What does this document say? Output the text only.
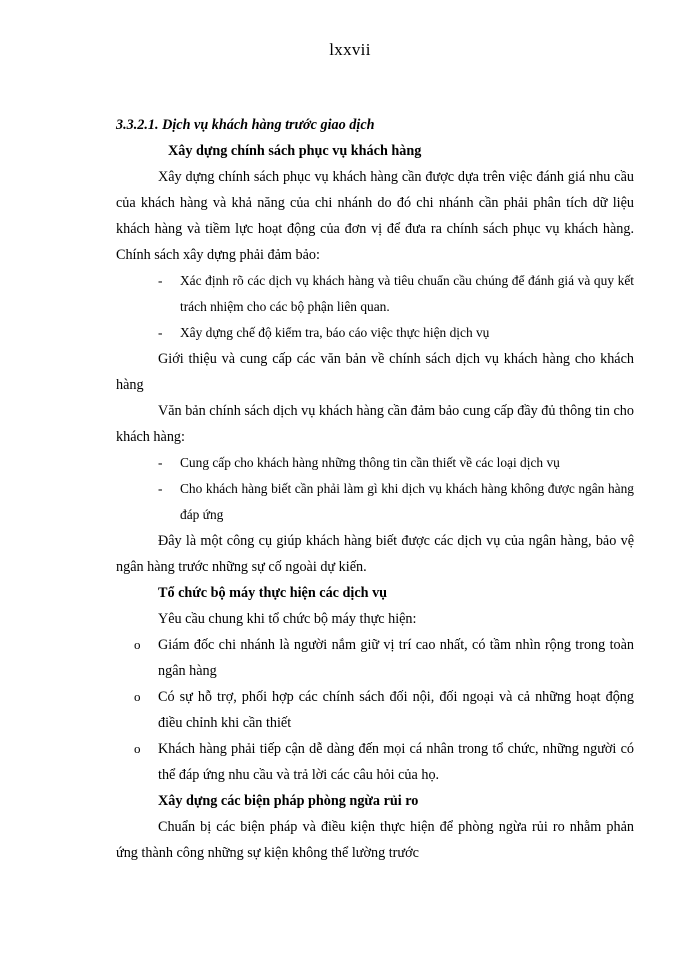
lxxvii

3.3.2.1. Dịch vụ khách hàng trước giao dịch

Xây dựng chính sách phục vụ khách hàng

Xây dựng chính sách phục vụ khách hàng cần được dựa trên việc đánh giá nhu cầu của khách hàng và khả năng của chi nhánh do đó chi nhánh cần phải phân tích dữ liệu khách hàng và tiềm lực hoạt động của đơn vị để đưa ra chính sách phục vụ khách hàng. Chính sách xây dựng phải đảm bảo:

- Xác định rõ các dịch vụ khách hàng và tiêu chuẩn cầu chúng để đánh giá và quy kết trách nhiệm cho các bộ phận liên quan.
- Xây dựng chế độ kiểm tra, báo cáo việc thực hiện dịch vụ

Giới thiệu và cung cấp các văn bản về chính sách dịch vụ khách hàng cho khách hàng

Văn bản chính sách dịch vụ khách hàng cần đảm bảo cung cấp đầy đủ thông tin cho khách hàng:

- Cung cấp cho khách hàng những thông tin cần thiết về các loại dịch vụ
- Cho khách hàng biết cần phải làm gì khi dịch vụ khách hàng không được ngân hàng đáp ứng

Đây là một công cụ giúp khách hàng biết được các dịch vụ của ngân hàng, bảo vệ ngân hàng trước những sự cố ngoài dự kiến.

Tổ chức bộ máy thực hiện các dịch vụ

Yêu cầu chung khi tổ chức bộ máy thực hiện:

o Giám đốc chi nhánh là người nắm giữ vị trí cao nhất, có tầm nhìn rộng trong toàn ngân hàng
o Có sự hỗ trợ, phối hợp các chính sách đối nội, đối ngoại và cả những hoạt động điều chỉnh khi cần thiết
o Khách hàng phải tiếp cận dễ dàng đến mọi cá nhân trong tổ chức, những người có thể đáp ứng nhu cầu và trả lời các câu hỏi của họ.

Xây dựng các biện pháp phòng ngừa rủi ro

Chuẩn bị các biện pháp và điều kiện thực hiện để phòng ngừa rủi ro nhằm phản ứng thành công những sự kiện không thể lường trước
